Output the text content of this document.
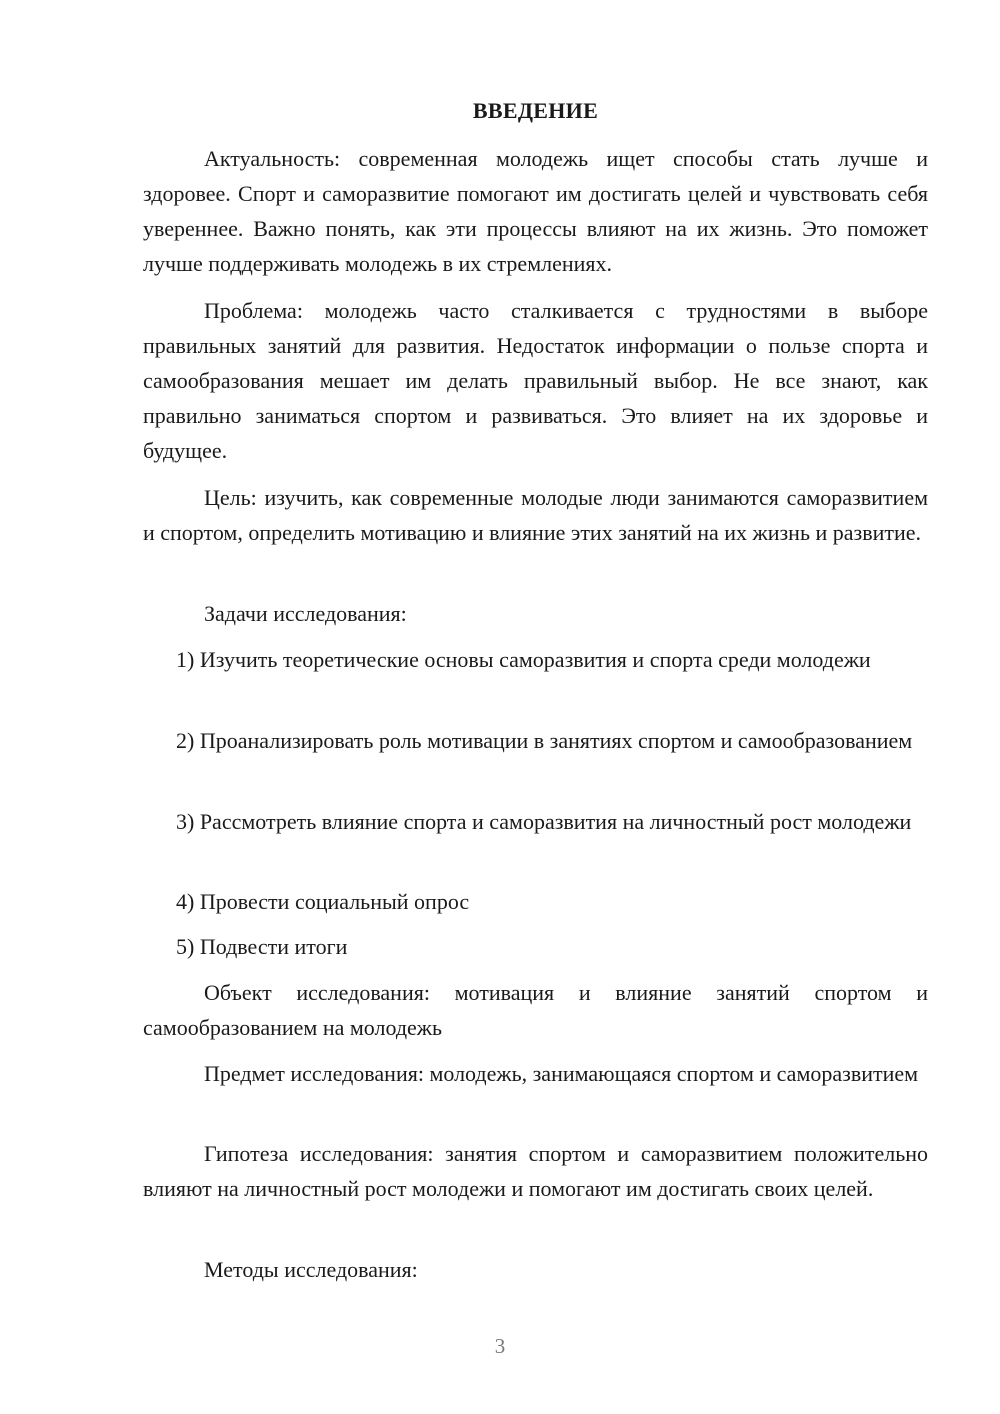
ВВЕДЕНИЕ

Актуальность: современная молодежь ищет способы стать лучше и здоровее. Спорт и саморазвитие помогают им достигать целей и чувствовать себя увереннее. Важно понять, как эти процессы влияют на их жизнь. Это поможет лучше поддерживать молодежь в их стремлениях.

Проблема: молодежь часто сталкивается с трудностями в выборе правильных занятий для развития. Недостаток информации о пользе спорта и самообразования мешает им делать правильный выбор. Не все знают, как правильно заниматься спортом и развиваться. Это влияет на их здоровье и будущее.

Цель: изучить, как современные молодые люди занимаются саморазвитием и спортом, определить мотивацию и влияние этих занятий на их жизнь и развитие.

Задачи исследования:

1) Изучить теоретические основы саморазвития и спорта среди молодежи

2) Проанализировать роль мотивации в занятиях спортом и самообразованием

3) Рассмотреть влияние спорта и саморазвития на личностный рост молодежи

4) Провести социальный опрос

5) Подвести итоги

Объект исследования: мотивация и влияние занятий спортом и самообразованием на молодежь

Предмет исследования: молодежь, занимающаяся спортом и саморазвитием

Гипотеза исследования: занятия спортом и саморазвитием положительно влияют на личностный рост молодежи и помогают им достигать своих целей.

Методы исследования:

3
